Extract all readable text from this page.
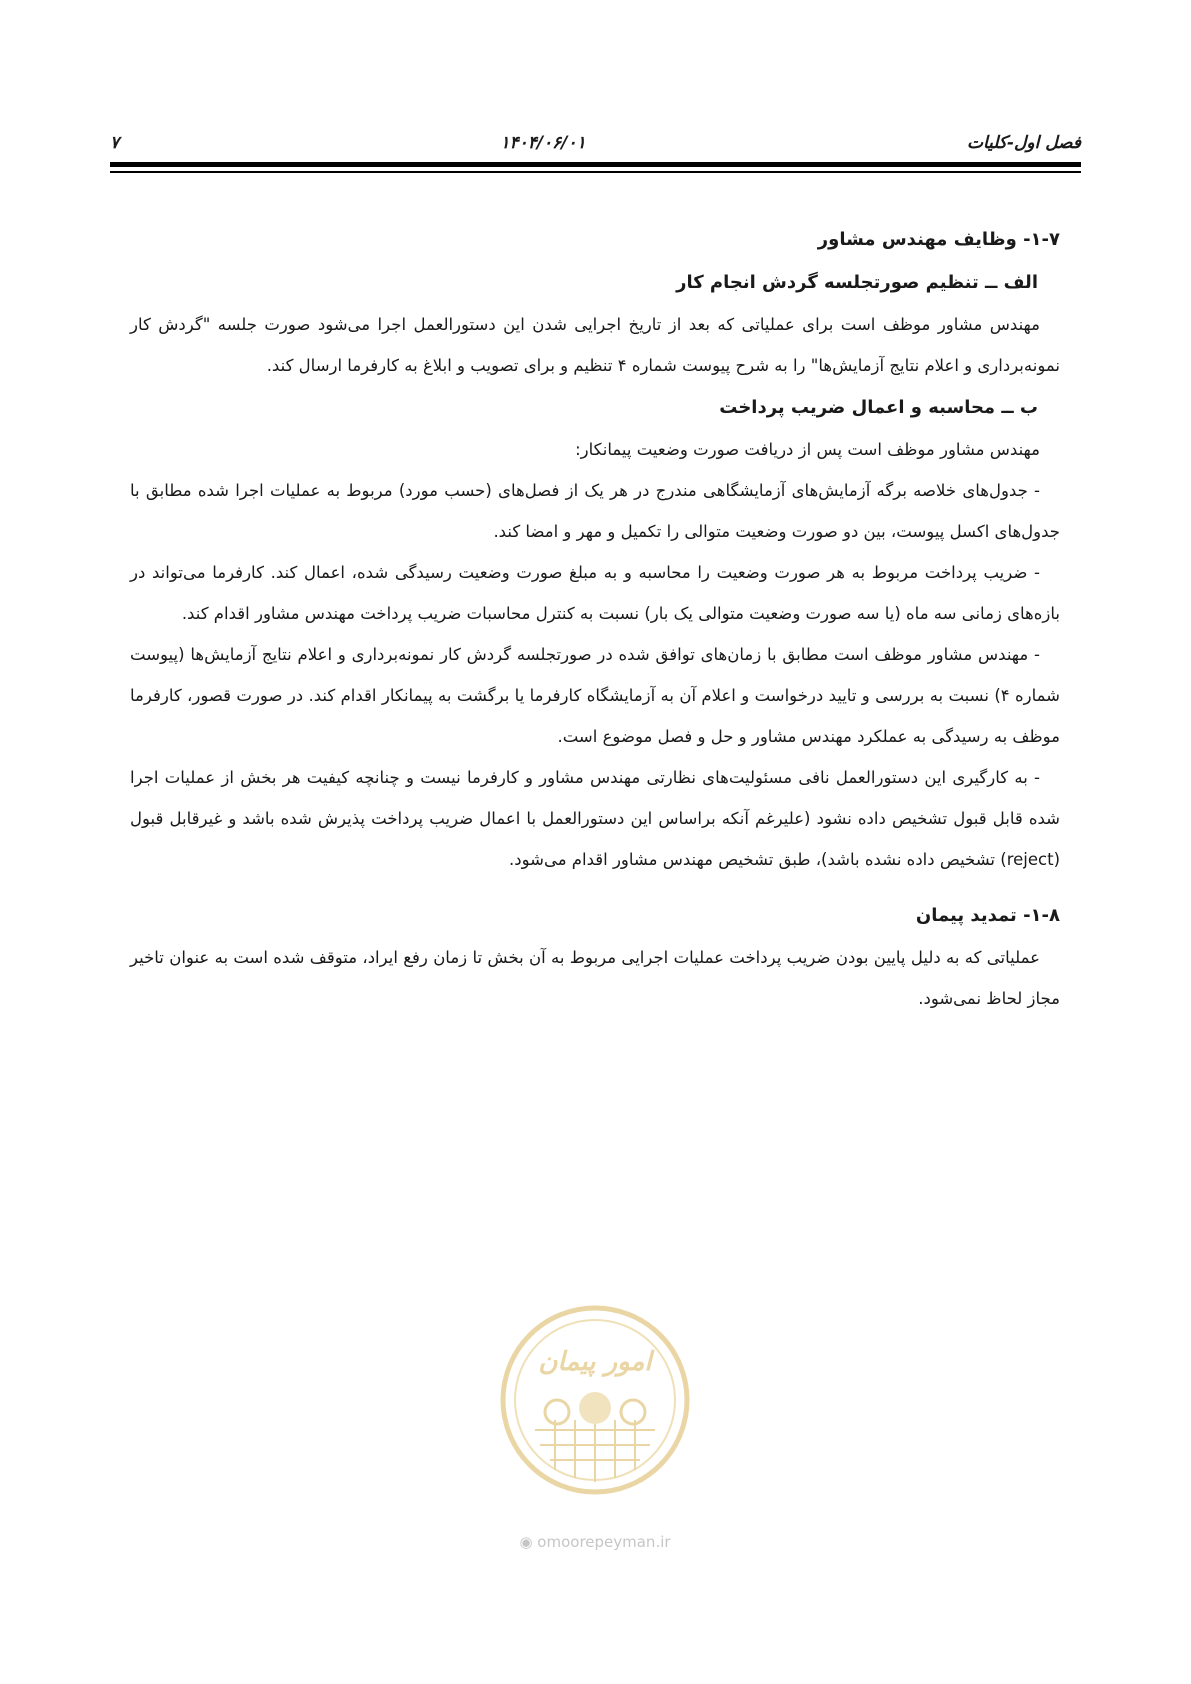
فصل اول-کلیات
۱۴۰۴/۰۶/۰۱
۷
۱-۷- وظایف مهندس مشاور
الف ــ تنظیم صورتجلسه گردش انجام کار

مهندس مشاور موظف است برای عملیاتی که بعد از تاریخ اجرایی شدن این دستورالعمل اجرا می‌شود صورت جلسه "گردش کار نمونه‌برداری و اعلام نتایج آزمایش‌ها" را به شرح پیوست شماره ۴ تنظیم و برای تصویب و ابلاغ به کارفرما ارسال کند.

ب ــ محاسبه و اعمال ضریب پرداخت

مهندس مشاور موظف است پس از دریافت صورت وضعیت پیمانکار:

- جدول‌های خلاصه برگه آزمایش‌های آزمایشگاهی مندرج در هر یک از فصل‌های (حسب مورد) مربوط به عملیات اجرا شده مطابق با جدول‌های اکسل پیوست، بین دو صورت وضعیت متوالی را تکمیل و مهر و امضا کند.

- ضریب پرداخت مربوط به هر صورت وضعیت را محاسبه و به مبلغ صورت وضعیت رسیدگی شده، اعمال کند. کارفرما می‌تواند در بازه‌های زمانی سه ماه (یا سه صورت وضعیت متوالی یک بار) نسبت به کنترل محاسبات ضریب پرداخت مهندس مشاور اقدام کند.

- مهندس مشاور موظف است مطابق با زمان‌های توافق شده در صورتجلسه گردش کار نمونه‌برداری و اعلام نتایج آزمایش‌ها (پیوست شماره ۴) نسبت به بررسی و تایید درخواست و اعلام آن به آزمایشگاه کارفرما یا برگشت به پیمانکار اقدام کند. در صورت قصور، کارفرما موظف به رسیدگی به عملکرد مهندس مشاور و حل و فصل موضوع است.

- به کارگیری این دستورالعمل نافی مسئولیت‌های نظارتی مهندس مشاور و کارفرما نیست و چنانچه کیفیت هر بخش از عملیات اجرا شده قابل قبول تشخیص داده نشود (علیرغم آنکه براساس این دستورالعمل با اعمال ضریب پرداخت پذیرش شده باشد و غیرقابل قبول (reject) تشخیص داده نشده باشد)، طبق تشخیص مهندس مشاور اقدام می‌شود.

۱-۸- تمدید پیمان

عملیاتی که به دلیل پایین بودن ضریب پرداخت عملیات اجرایی مربوط به آن بخش تا زمان رفع ایراد، متوقف شده است به عنوان تاخیر مجاز لحاظ نمی‌شود.

امور پیمان
◉ omoorepeyman.ir
